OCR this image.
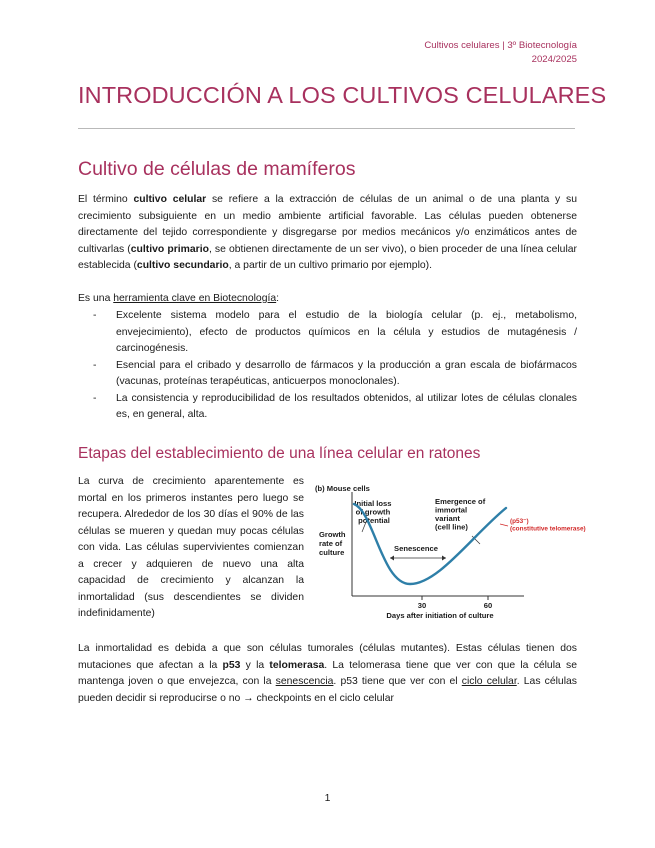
Cultivos celulares | 3º Biotecnología
2024/2025
INTRODUCCIÓN A LOS CULTIVOS CELULARES
Cultivo de células de mamíferos
El término cultivo celular se refiere a la extracción de células de un animal o de una planta y su crecimiento subsiguiente en un medio ambiente artificial favorable. Las células pueden obtenerse directamente del tejido correspondiente y disgregarse por medios mecánicos y/o enzimáticos antes de cultivarlas (cultivo primario, se obtienen directamente de un ser vivo), o bien proceder de una línea celular establecida (cultivo secundario, a partir de un cultivo primario por ejemplo).
Es una herramienta clave en Biotecnología:
- Excelente sistema modelo para el estudio de la biología celular (p. ej., metabolismo, envejecimiento), efecto de productos químicos en la célula y estudios de mutagénesis / carcinogénesis.
- Esencial para el cribado y desarrollo de fármacos y la producción a gran escala de biofármacos (vacunas, proteínas terapéuticas, anticuerpos monoclonales).
- La consistencia y reproducibilidad de los resultados obtenidos, al utilizar lotes de células clonales es, en general, alta.
Etapas del establecimiento de una línea celular en ratones
La curva de crecimiento aparentemente es mortal en los primeros instantes pero luego se recupera. Alrededor de los 30 días el 90% de las células se mueren y quedan muy pocas células con vida. Las células supervivientes comienzan a crecer y adquieren de nuevo una alta capacidad de crecimiento y alcanzan la inmortalidad (sus descendientes se dividen indefinidamente)
(b) Mouse cells
Initial loss of growth potential
Emergence of immortal variant (cell line)
(p53⁻) (constitutive telomerase)
Growth rate of culture	Senescence
30	60
Days after initiation of culture
La inmortalidad es debida a que son células tumorales (células mutantes). Estas células tienen dos mutaciones que afectan a la p53 y la telomerasa. La telomerasa tiene que ver con que la célula se mantenga joven o que envejezca, con la senescencia. p53 tiene que ver con el ciclo celular. Las células pueden decidir si reproducirse o no → checkpoints en el ciclo celular
1
